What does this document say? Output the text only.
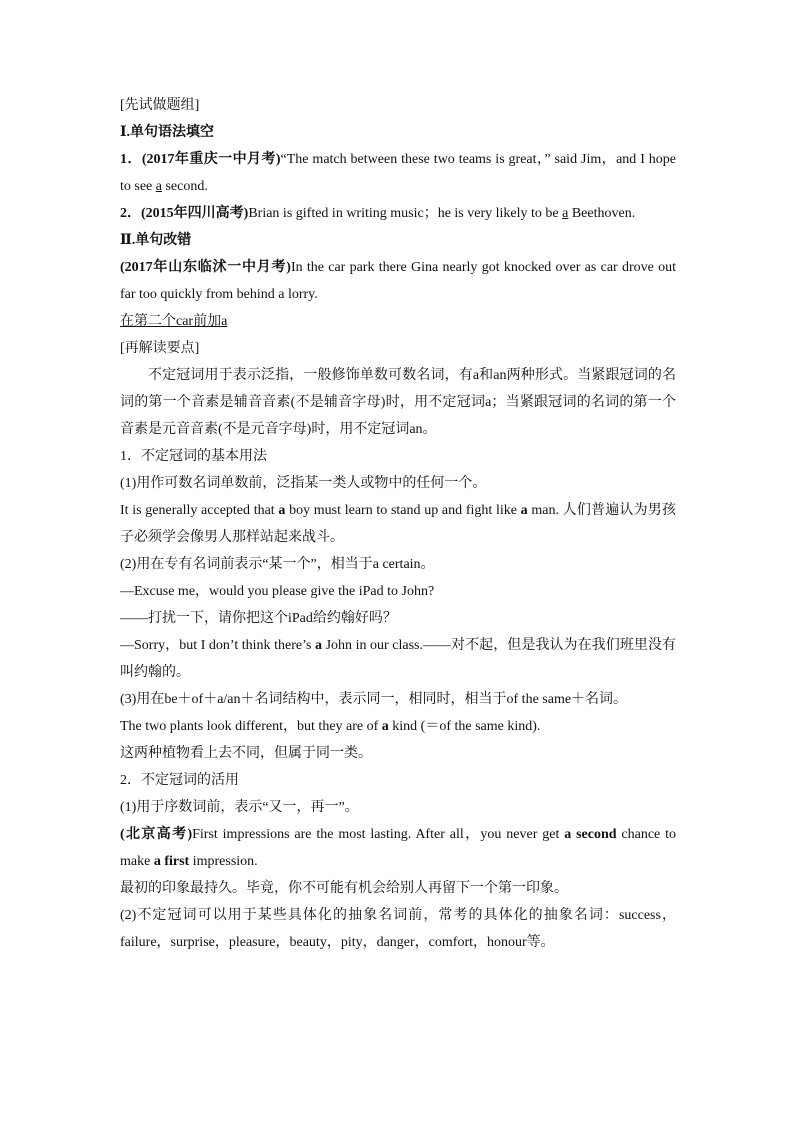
[先试做题组]
Ⅰ.单句语法填空
1．(2017年重庆一中月考)“The match between these two teams is great，” said Jim，and I hope to see a second.
2．(2015年四川高考)Brian is gifted in writing music；he is very likely to be a Beethoven.
Ⅱ.单句改错
(2017年山东临沭一中月考)In the car park there Gina nearly got knocked over as car drove out far too quickly from behind a lorry.
在第二个car前加a
[再解读要点]
不定冠词用于表示泛指，一般修饰单数可数名词，有a和an两种形式。当紧跟冠词的名词的第一个音素是辅音音素(不是辅音字母)时，用不定冠词a；当紧跟冠词的名词的第一个音素是元音音素(不是元音字母)时，用不定冠词an。
1．不定冠词的基本用法
(1)用作可数名词单数前，泛指某一类人或物中的任何一个。
It is generally accepted that a boy must learn to stand up and fight like a man. 人们普遍认为男孩子必须学会像男人那样站起来战斗。
(2)用在专有名词前表示“某一个”，相当于a certain。
—Excuse me，would you please give the iPad to John?
——打扰一下，请你把这个iPad给约翰好吗？
—Sorry，but I don’t think there’s a John in our class.——对不起，但是我认为在我们班里没有叫约翰的。
(3)用在be＋of＋a/an＋名词结构中，表示同一，相同时，相当于of the same＋名词。
The two plants look different，but they are of a kind (＝of the same kind).
这两种植物看上去不同，但属于同一类。
2．不定冠词的活用
(1)用于序数词前，表示“又一，再一”。
(北京高考)First impressions are the most lasting. After all，you never get a second chance to make a first impression.
最初的印象最持久。毕竟，你不可能有机会给别人再留下一个第一印象。
(2)不定冠词可以用于某些具体化的抽象名词前，常考的具体化的抽象名词：success，failure，surprise，pleasure，beauty，pity，danger，comfort，honour等。
